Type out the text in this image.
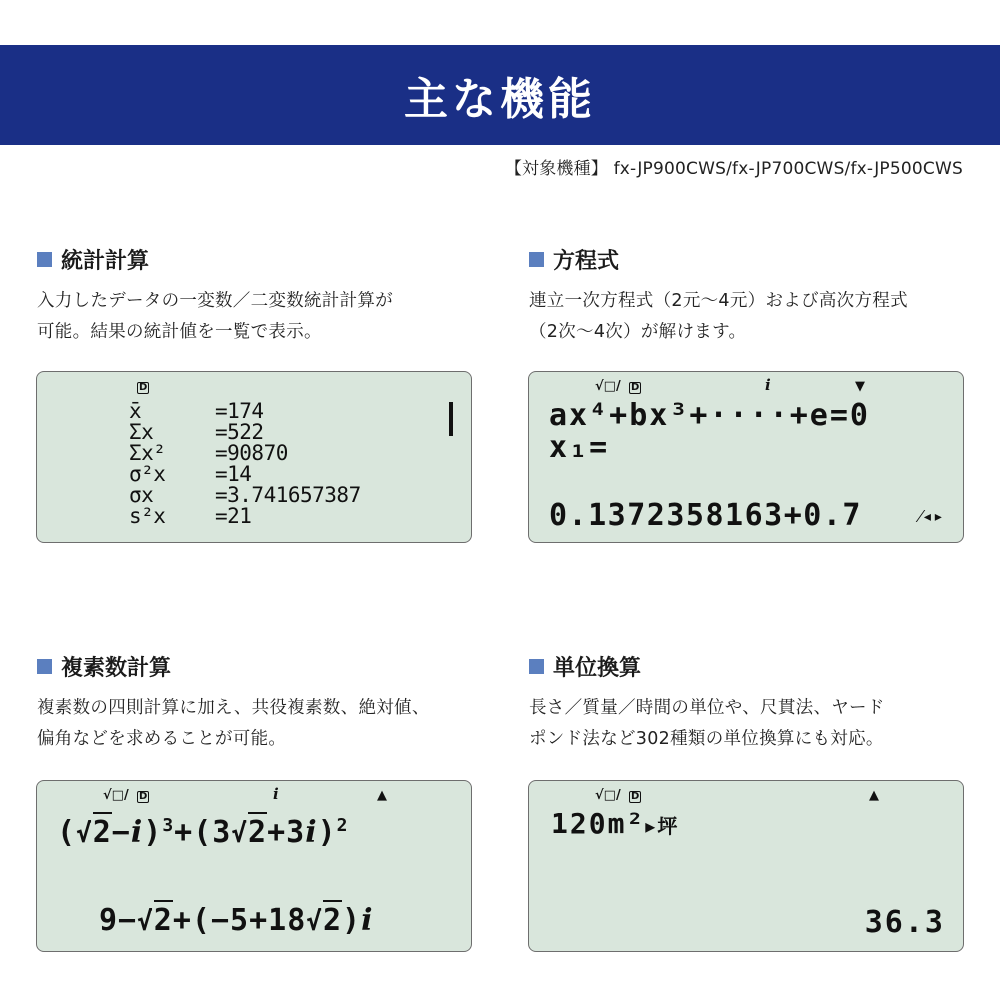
主な機能
【対象機種】 fx-JP900CWS/fx-JP700CWS/fx-JP500CWS
統計計算
入力したデータの一変数／二変数統計計算が
可能。結果の統計値を一覧で表示。
D
x̄	=174
Σx	=522
Σx² =90870
σ²x =14
σx	=3.741657387
s²x =21
方程式
連立一次方程式（2元〜4元）および高次方程式
（2次〜4次）が解けます。
√□/ D	i	▼
ax⁴+bx³+····+e=0
x₁=
0.1372358163+0.7	⁄◂▸
複素数計算
複素数の四則計算に加え、共役複素数、絶対値、
偏角などを求めることが可能。
√□/ D	i	▲
$(√2-i)^3+(3√2+3i)^2$
9−√2+(−5+18√2)i
単位換算
長さ／質量／時間の単位や、尺貫法、ヤード
ポンド法など302種類の単位換算にも対応。
√□/ D	▲
120m²▸坪
36.3
